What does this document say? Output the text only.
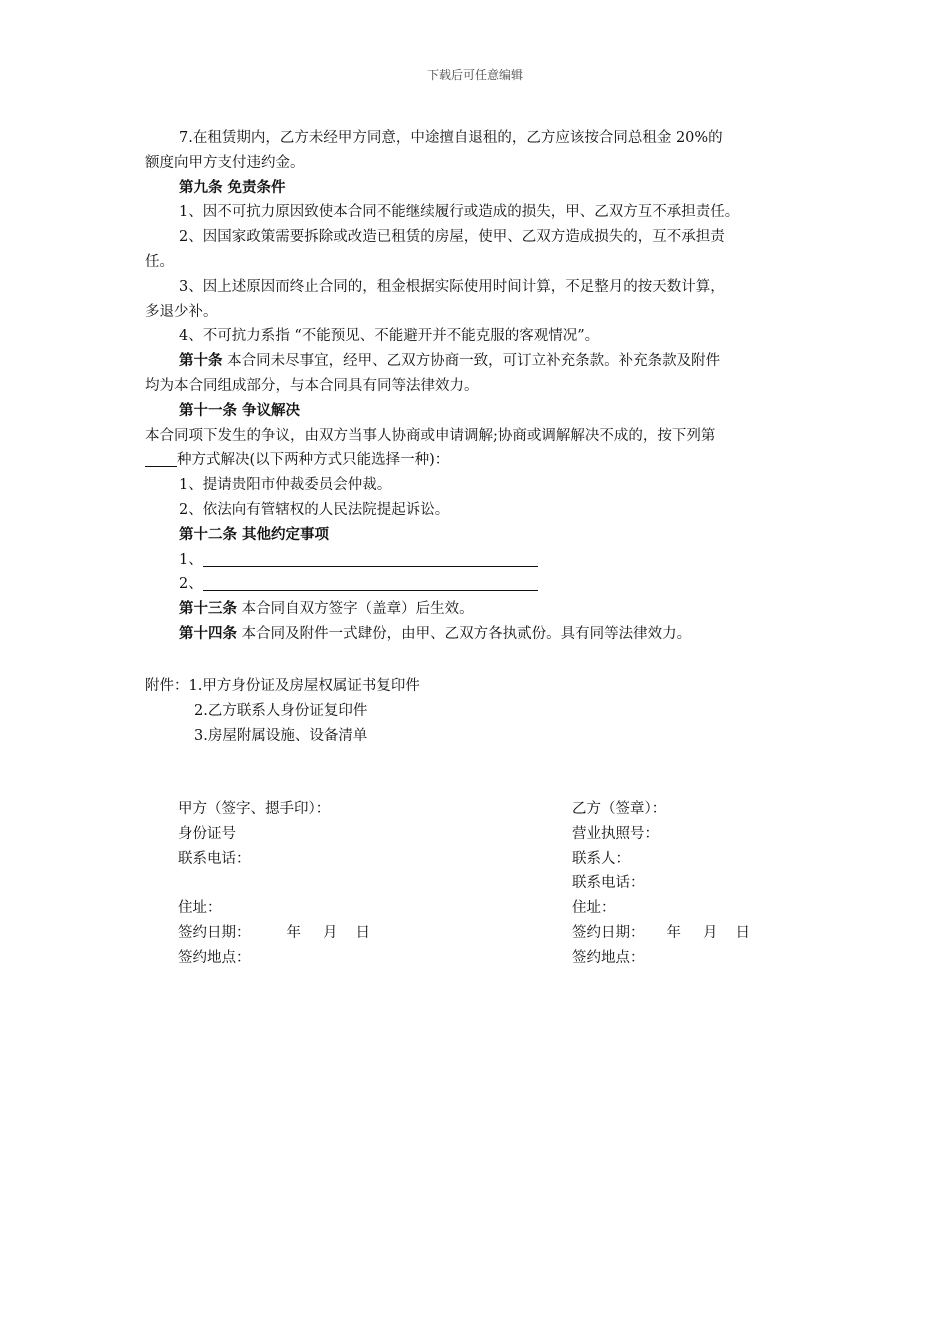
下载后可任意编辑

7.在租赁期内，乙方未经甲方同意，中途擅自退租的，乙方应该按合同总租金 20%的

额度向甲方支付违约金。

第九条 免责条件

1、因不可抗力原因致使本合同不能继续履行或造成的损失，甲、乙双方互不承担责任。

2、因国家政策需要拆除或改造已租赁的房屋，使甲、乙双方造成损失的，互不承担责

任。

3、因上述原因而终止合同的，租金根据实际使用时间计算，不足整月的按天数计算，

多退少补。

4、不可抗力系指 “不能预见、不能避开并不能克服的客观情况”。

第十条 本合同未尽事宜，经甲、乙双方协商一致，可订立补充条款。补充条款及附件

均为本合同组成部分，与本合同具有同等法律效力。

第十一条 争议解决

本合同项下发生的争议，由双方当事人协商或申请调解;协商或调解解决不成的，按下列第

种方式解决(以下两种方式只能选择一种)：

1、提请贵阳市仲裁委员会仲裁。

2、依法向有管辖权的人民法院提起诉讼。

第十二条 其他约定事项

1、

2、

第十三条 本合同自双方签字（盖章）后生效。

第十四条 本合同及附件一式肆份，由甲、乙双方各执贰份。具有同等法律效力。

附件：1.甲方身份证及房屋权属证书复印件
2.乙方联系人身份证复印件
3.房屋附属设施、设备清单
甲方（签字、摁手印）：
身份证号
联系电话：

住址：
签约日期： 年 月 日
签约地点：
乙方（签章）：
营业执照号：
联系人：
联系电话：
住址：
签约日期： 年 月 日
签约地点：
